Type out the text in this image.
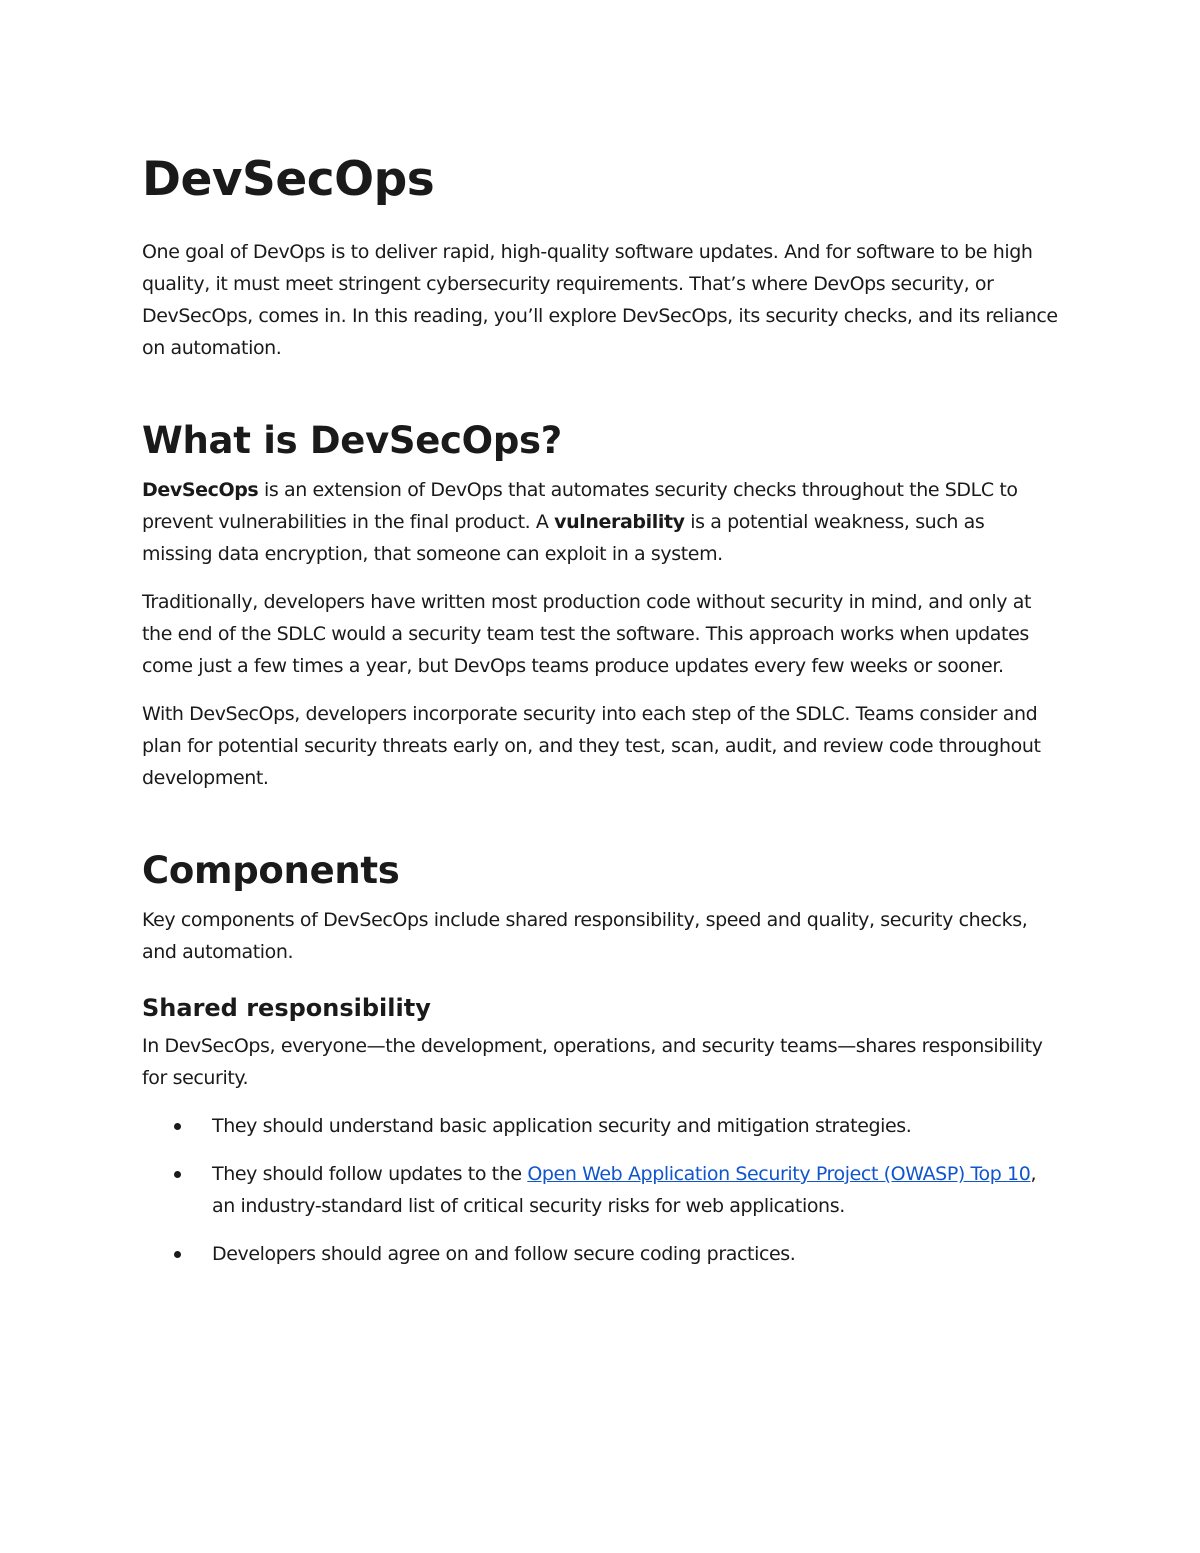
DevSecOps

One goal of DevOps is to deliver rapid, high-quality software updates. And for software to be high quality, it must meet stringent cybersecurity requirements. That’s where DevOps security, or DevSecOps, comes in. In this reading, you’ll explore DevSecOps, its security checks, and its reliance on automation.

What is DevSecOps?

DevSecOps is an extension of DevOps that automates security checks throughout the SDLC to prevent vulnerabilities in the final product. A vulnerability is a potential weakness, such as missing data encryption, that someone can exploit in a system.

Traditionally, developers have written most production code without security in mind, and only at the end of the SDLC would a security team test the software. This approach works when updates come just a few times a year, but DevOps teams produce updates every few weeks or sooner.

With DevSecOps, developers incorporate security into each step of the SDLC. Teams consider and plan for potential security threats early on, and they test, scan, audit, and review code throughout development.

Components

Key components of DevSecOps include shared responsibility, speed and quality, security checks, and automation.

Shared responsibility

In DevSecOps, everyone—the development, operations, and security teams—shares responsibility for security.

They should understand basic application security and mitigation strategies.
They should follow updates to the Open Web Application Security Project (OWASP) Top 10, an industry-standard list of critical security risks for web applications.
Developers should agree on and follow secure coding practices.
